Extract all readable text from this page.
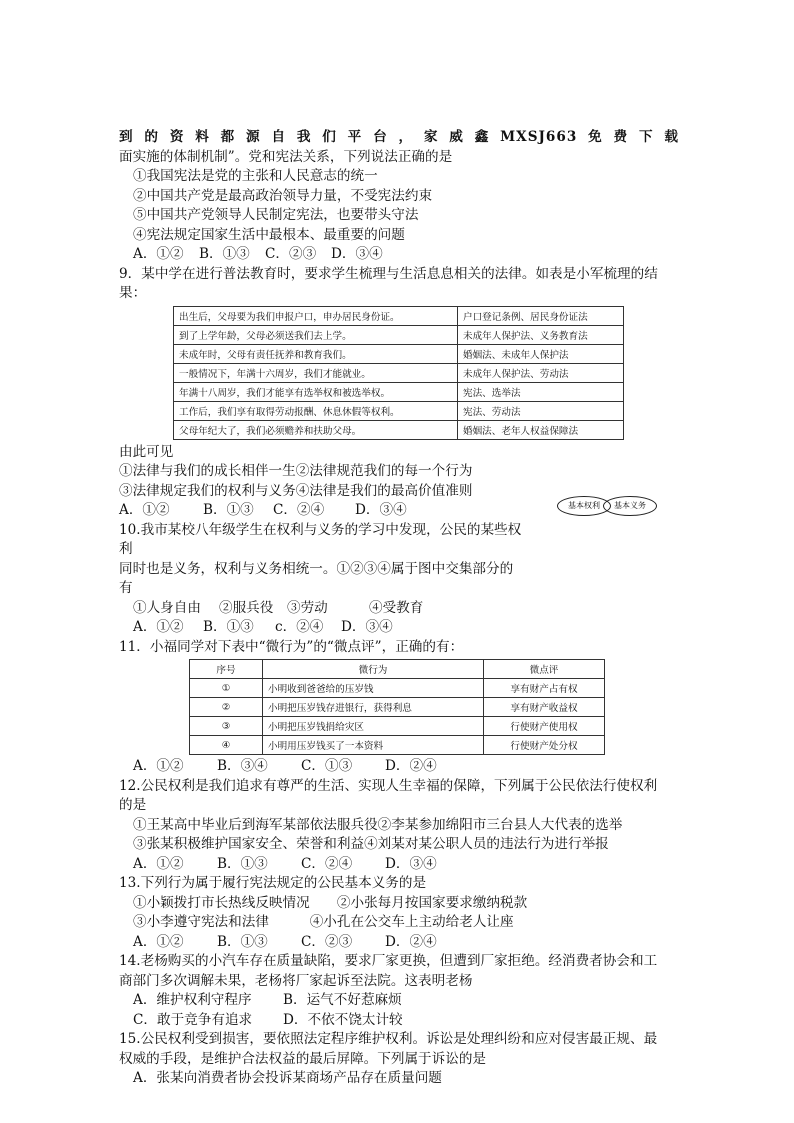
到 的 资 料 都 源 自 我 们 平 台 ， 家 威 鑫 MXSJ663 免 费 下 载
面实施的体制机制”。党和宪法关系，下列说法正确的是
①我国宪法是党的主张和人民意志的统一
②中国共产党是最高政治领导力量，不受宪法约束
⑤中国共产党领导人民制定宪法，也要带头守法
④宪法规定国家生活中最根本、最重要的问题
A．①② B．①③ C．②③ D．③④
9．某中学在进行普法教育时，要求学生梳理与生活息息相关的法律。如表是小军梳理的结
果：
出生后，父母要为我们申报户口，申办居民身份证。	户口登记条例、居民身份证法
到了上学年龄，父母必须送我们去上学。	未成年人保护法、义务教育法
未成年时，父母有责任抚养和教育我们。	婚姻法、未成年人保护法
一般情况下，年满十六周岁，我们才能就业。	未成年人保护法、劳动法
年满十八周岁，我们才能享有选举权和被选举权。	宪法、选举法
工作后，我们享有取得劳动报酬、休息休假等权利。	宪法、劳动法
父母年纪大了，我们必须赡养和扶助父母。	婚姻法、老年人权益保障法
由此可见
①法律与我们的成长相伴一生②法律规范我们的每一个行为
③法律规定我们的权利与义务④法律是我们的最高价值准则
A．①② B．①③ C．②④ D．③④
10.我市某校八年级学生在权利与义务的学习中发现，公民的某些权
利
同时也是义务，权利与义务相统一。①②③④属于图中交集部分的
有
①人身自由 ②服兵役 ③劳动	④受教育
A．①② B．①③ c．②④ D．③④
11．小福同学对下表中“微行为”的“微点评”，正确的有：
序号	微行为	微点评
①	小明收到爸爸给的压岁钱	享有财产占有权
②	小明把压岁钱存进银行，获得利息	享有财产收益权
③	小明把压岁钱捐给灾区	行使财产使用权
④	小明用压岁钱买了一本资料	行使财产处分权
A．①② B．③④ C．①③ D．②④
12.公民权利是我们追求有尊严的生活、实现人生幸福的保障，下列属于公民依法行使权利
的是
①王某高中毕业后到海军某部依法服兵役②李某参加绵阳市三台县人大代表的选举
③张某积极维护国家安全、荣誉和利益④刘某对某公职人员的违法行为进行举报
A．①② B．①③ C．②④ D．③④
13.下列行为属于履行宪法规定的公民基本义务的是
①小颖拨打市长热线反映情况　　②小张每月按国家要求缴纳税款
③小李遵守宪法和法律　　　④小孔在公交车上主动给老人让座
A．①② B．①③ C．②③ D．②④
14.老杨购买的小汽车存在质量缺陷，要求厂家更换，但遭到厂家拒绝。经消费者协会和工
商部门多次调解未果，老杨将厂家起诉至法院。这表明老杨
A．维护权利守程序 B．运气不好惹麻烦
C．敢于竞争有追求 D．不依不饶太计较
15.公民权利受到损害，要依照法定程序维护权利。诉讼是处理纠纷和应对侵害最正规、最
权威的手段，是维护合法权益的最后屏障。下列属于诉讼的是
A．张某向消费者协会投诉某商场产品存在质量问题
基本权利	基本义务
